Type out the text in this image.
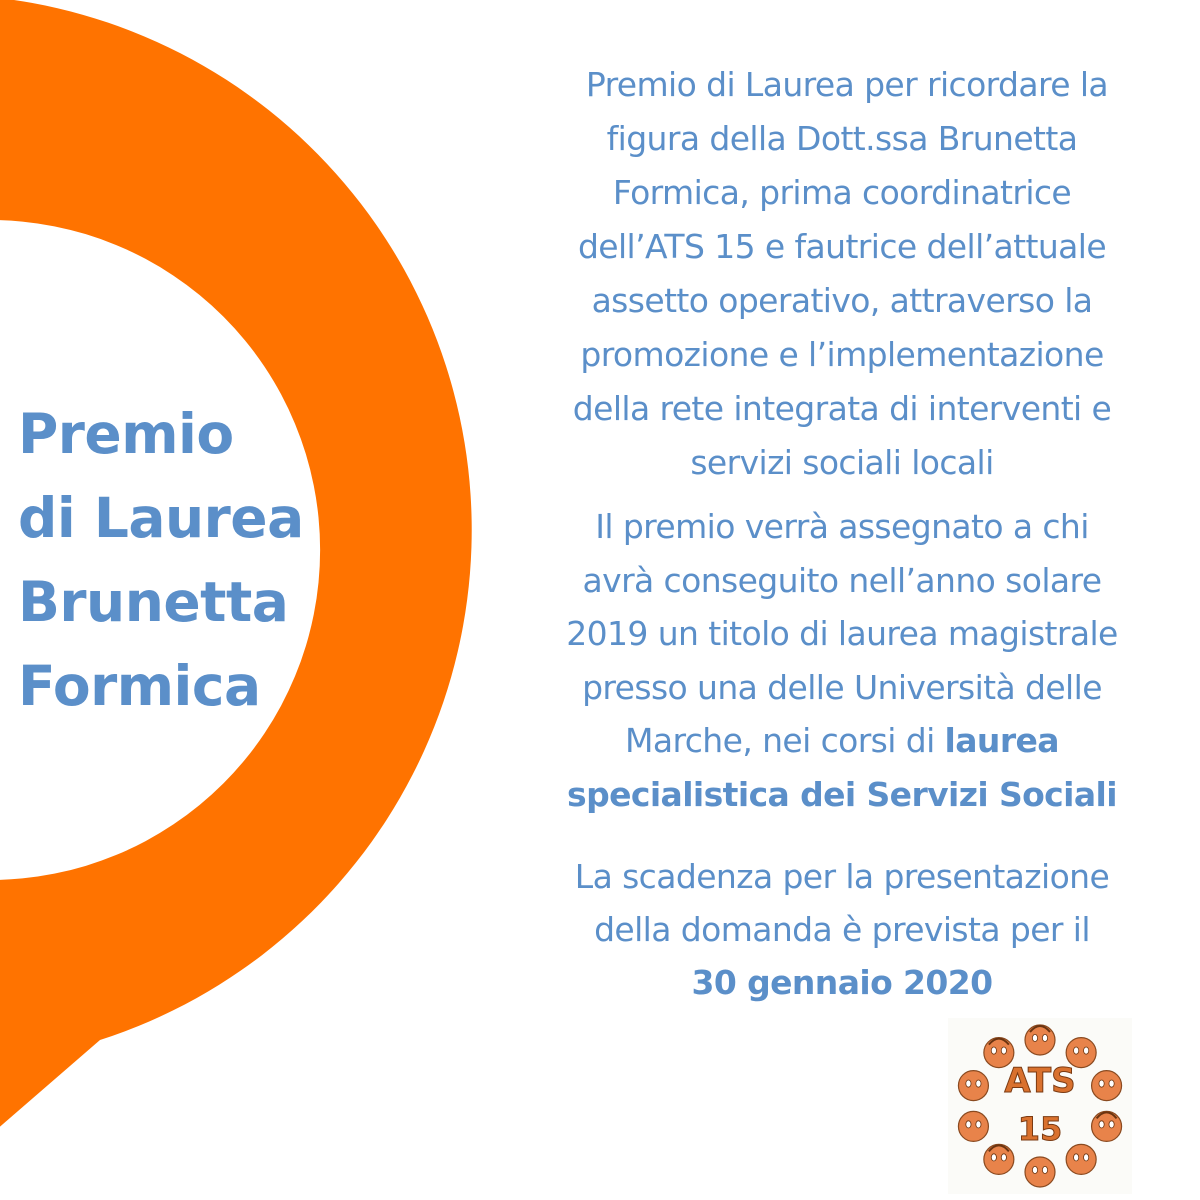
Premio
di Laurea
Brunetta
Formica
Premio di Laurea per ricordare la
figura della Dott.ssa Brunetta
Formica, prima coordinatrice
dell’ATS 15 e fautrice dell’attuale
assetto operativo, attraverso la
promozione e l’implementazione
della rete integrata di interventi e
servizi sociali locali
Il premio verrà assegnato a chi
avrà conseguito nell’anno solare
2019 un titolo di laurea magistrale
presso una delle Università delle
Marche, nei corsi di laurea
specialistica dei Servizi Sociali
La scadenza per la presentazione
della domanda è prevista per il
30 gennaio 2020
ATS
15
